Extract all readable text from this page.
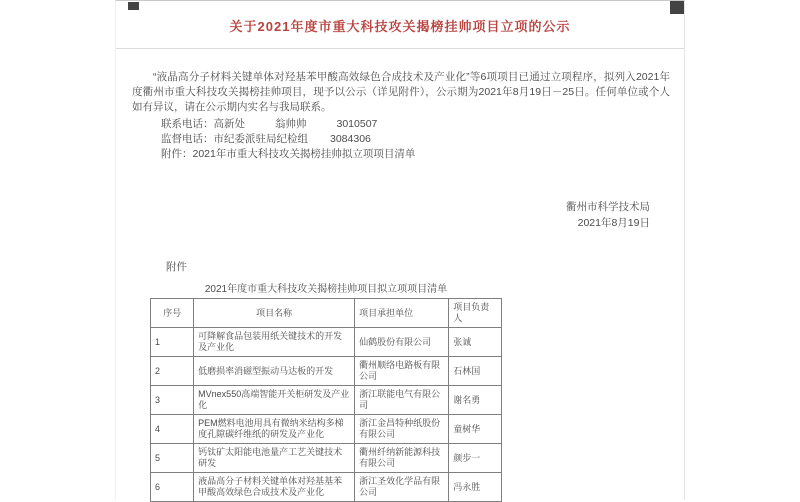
关于2021年度市重大科技攻关揭榜挂帅项目立项的公示

“液晶高分子材料关键单体对羟基苯甲酸高效绿色合成技术及产业化”等6项项目已通过立项程序，拟列入2021年度衢州市重大科技攻关揭榜挂帅项目，现予以公示（详见附件），公示期为2021年8月19日－25日。任何单位或个人如有异议，请在公示期内实名与我局联系。

联系电话：高新处	翁帅帅	3010507
监督电话：市纪委派驻局纪检组 3084306
附件：2021年市重大科技攻关揭榜挂帅拟立项项目清单
衢州市科学技术局
2021年8月19日
附件
2021年度市重大科技攻关揭榜挂帅项目拟立项项目清单
序号	项目名称	项目承担单位	项目负责人
1	可降解食品包装用纸关键技术的开发及产业化	仙鹤股份有限公司	张诚
2	低磨损率消磁型振动马达板的开发	衢州顺络电路板有限公司	石林国
3	MVnex550高端智能开关柜研发及产业化	浙江联能电气有限公司	谢名勇
4	PEM燃料电池用具有微纳米结构多梯度孔隙碳纤维纸的研发及产业化	浙江金昌特种纸股份有限公司	童树华
5	钙钛矿太阳能电池量产工艺关键技术研发	衢州纤纳新能源科技有限公司	颜步一
6	液晶高分子材料关键单体对羟基基苯甲酸高效绿色合成技术及产业化	浙江圣效化学品有限公司	冯永胜
